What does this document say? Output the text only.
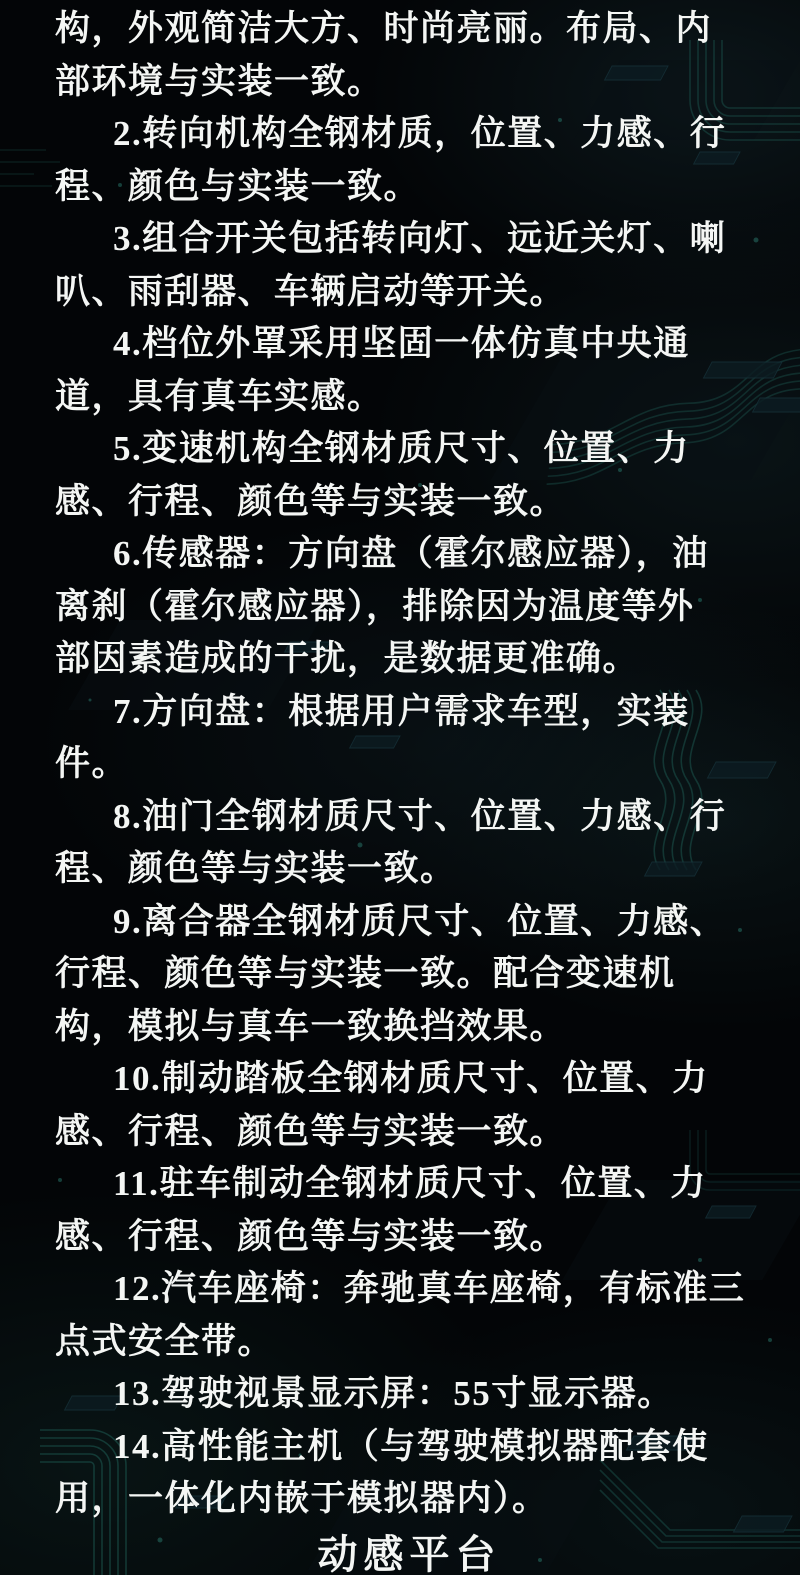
构，外观简洁大方、时尚亮丽。布局、内
部环境与实装一致。
2.转向机构全钢材质，位置、力感、行
程、颜色与实装一致。
3.组合开关包括转向灯、远近关灯、喇
叭、雨刮器、车辆启动等开关。
4.档位外罩采用坚固一体仿真中央通
道，具有真车实感。
5.变速机构全钢材质尺寸、位置、力
感、行程、颜色等与实装一致。
6.传感器：方向盘（霍尔感应器），油
离刹（霍尔感应器），排除因为温度等外
部因素造成的干扰，是数据更准确。
7.方向盘：根据用户需求车型，实装
件。
8.油门全钢材质尺寸、位置、力感、行
程、颜色等与实装一致。
9.离合器全钢材质尺寸、位置、力感、
行程、颜色等与实装一致。配合变速机
构，模拟与真车一致换挡效果。
10.制动踏板全钢材质尺寸、位置、力
感、行程、颜色等与实装一致。
11.驻车制动全钢材质尺寸、位置、力
感、行程、颜色等与实装一致。
12.汽车座椅：奔驰真车座椅，有标准三
点式安全带。
13.驾驶视景显示屏：55寸显示器。
14.高性能主机（与驾驶模拟器配套使
用，一体化内嵌于模拟器内）。
动感平台
